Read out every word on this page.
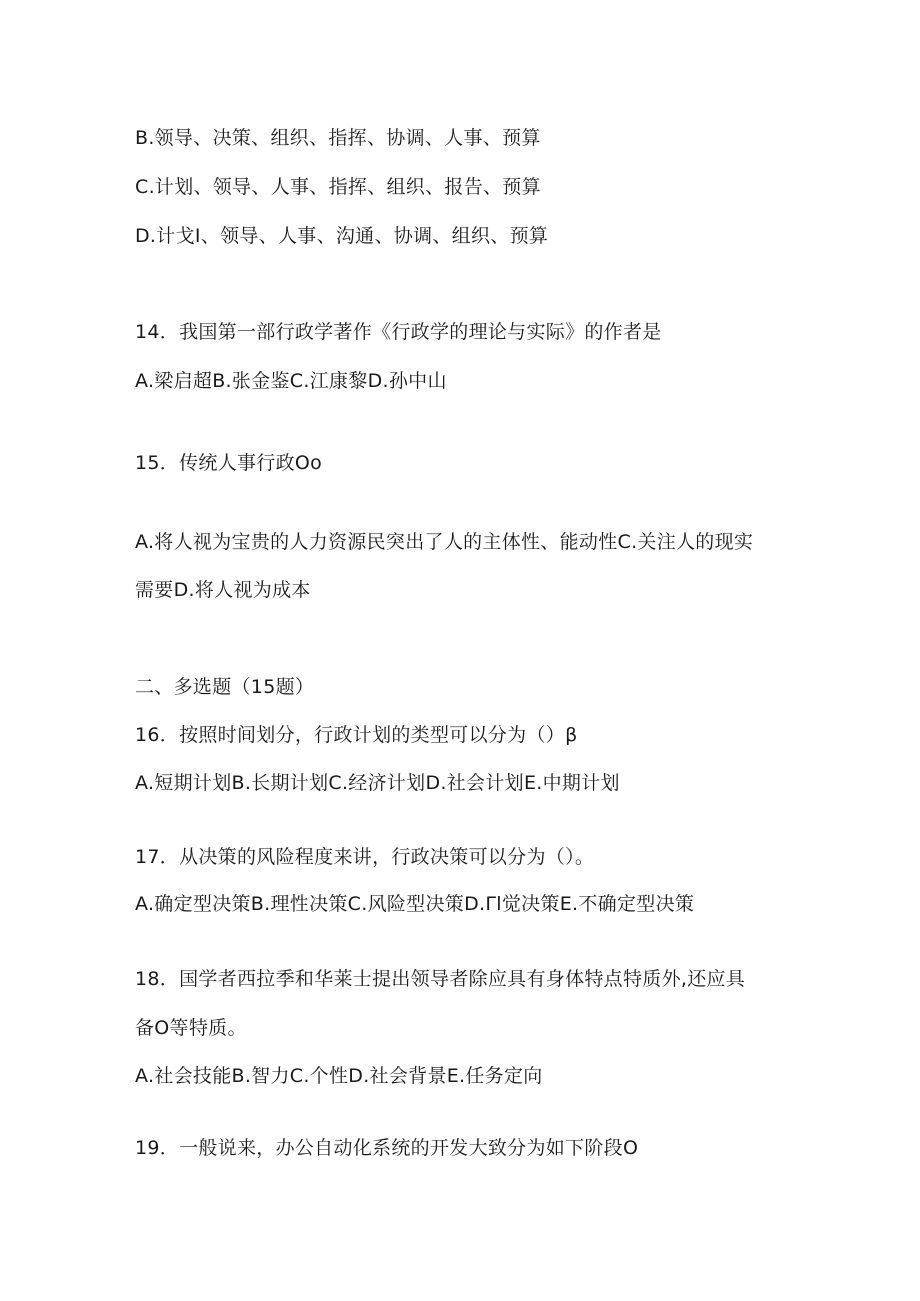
B.领导、决策、组织、指挥、协调、人事、预算
C.计划、领导、人事、指挥、组织、报告、预算
D.计戈I、领导、人事、沟通、协调、组织、预算
14．我国第一部行政学著作《行政学的理论与实际》的作者是
A.梁启超B.张金鉴C.江康黎D.孙中山
15．传统人事行政Oo
A.将人视为宝贵的人力资源民突出了人的主体性、能动性C.关注人的现实
需要D.将人视为成本
二、多选题（15题）
16．按照时间划分，行政计划的类型可以分为（）β
A.短期计划B.长期计划C.经济计划D.社会计划E.中期计划
17．从决策的风险程度来讲，行政决策可以分为（）。
A.确定型决策B.理性决策C.风险型决策D.Γl觉决策E.不确定型决策
18．国学者西拉季和华莱士提出领导者除应具有身体特点特质外,还应具
备O等特质。
A.社会技能B.智力C.个性D.社会背景E.任务定向
19．一般说来，办公自动化系统的开发大致分为如下阶段O
